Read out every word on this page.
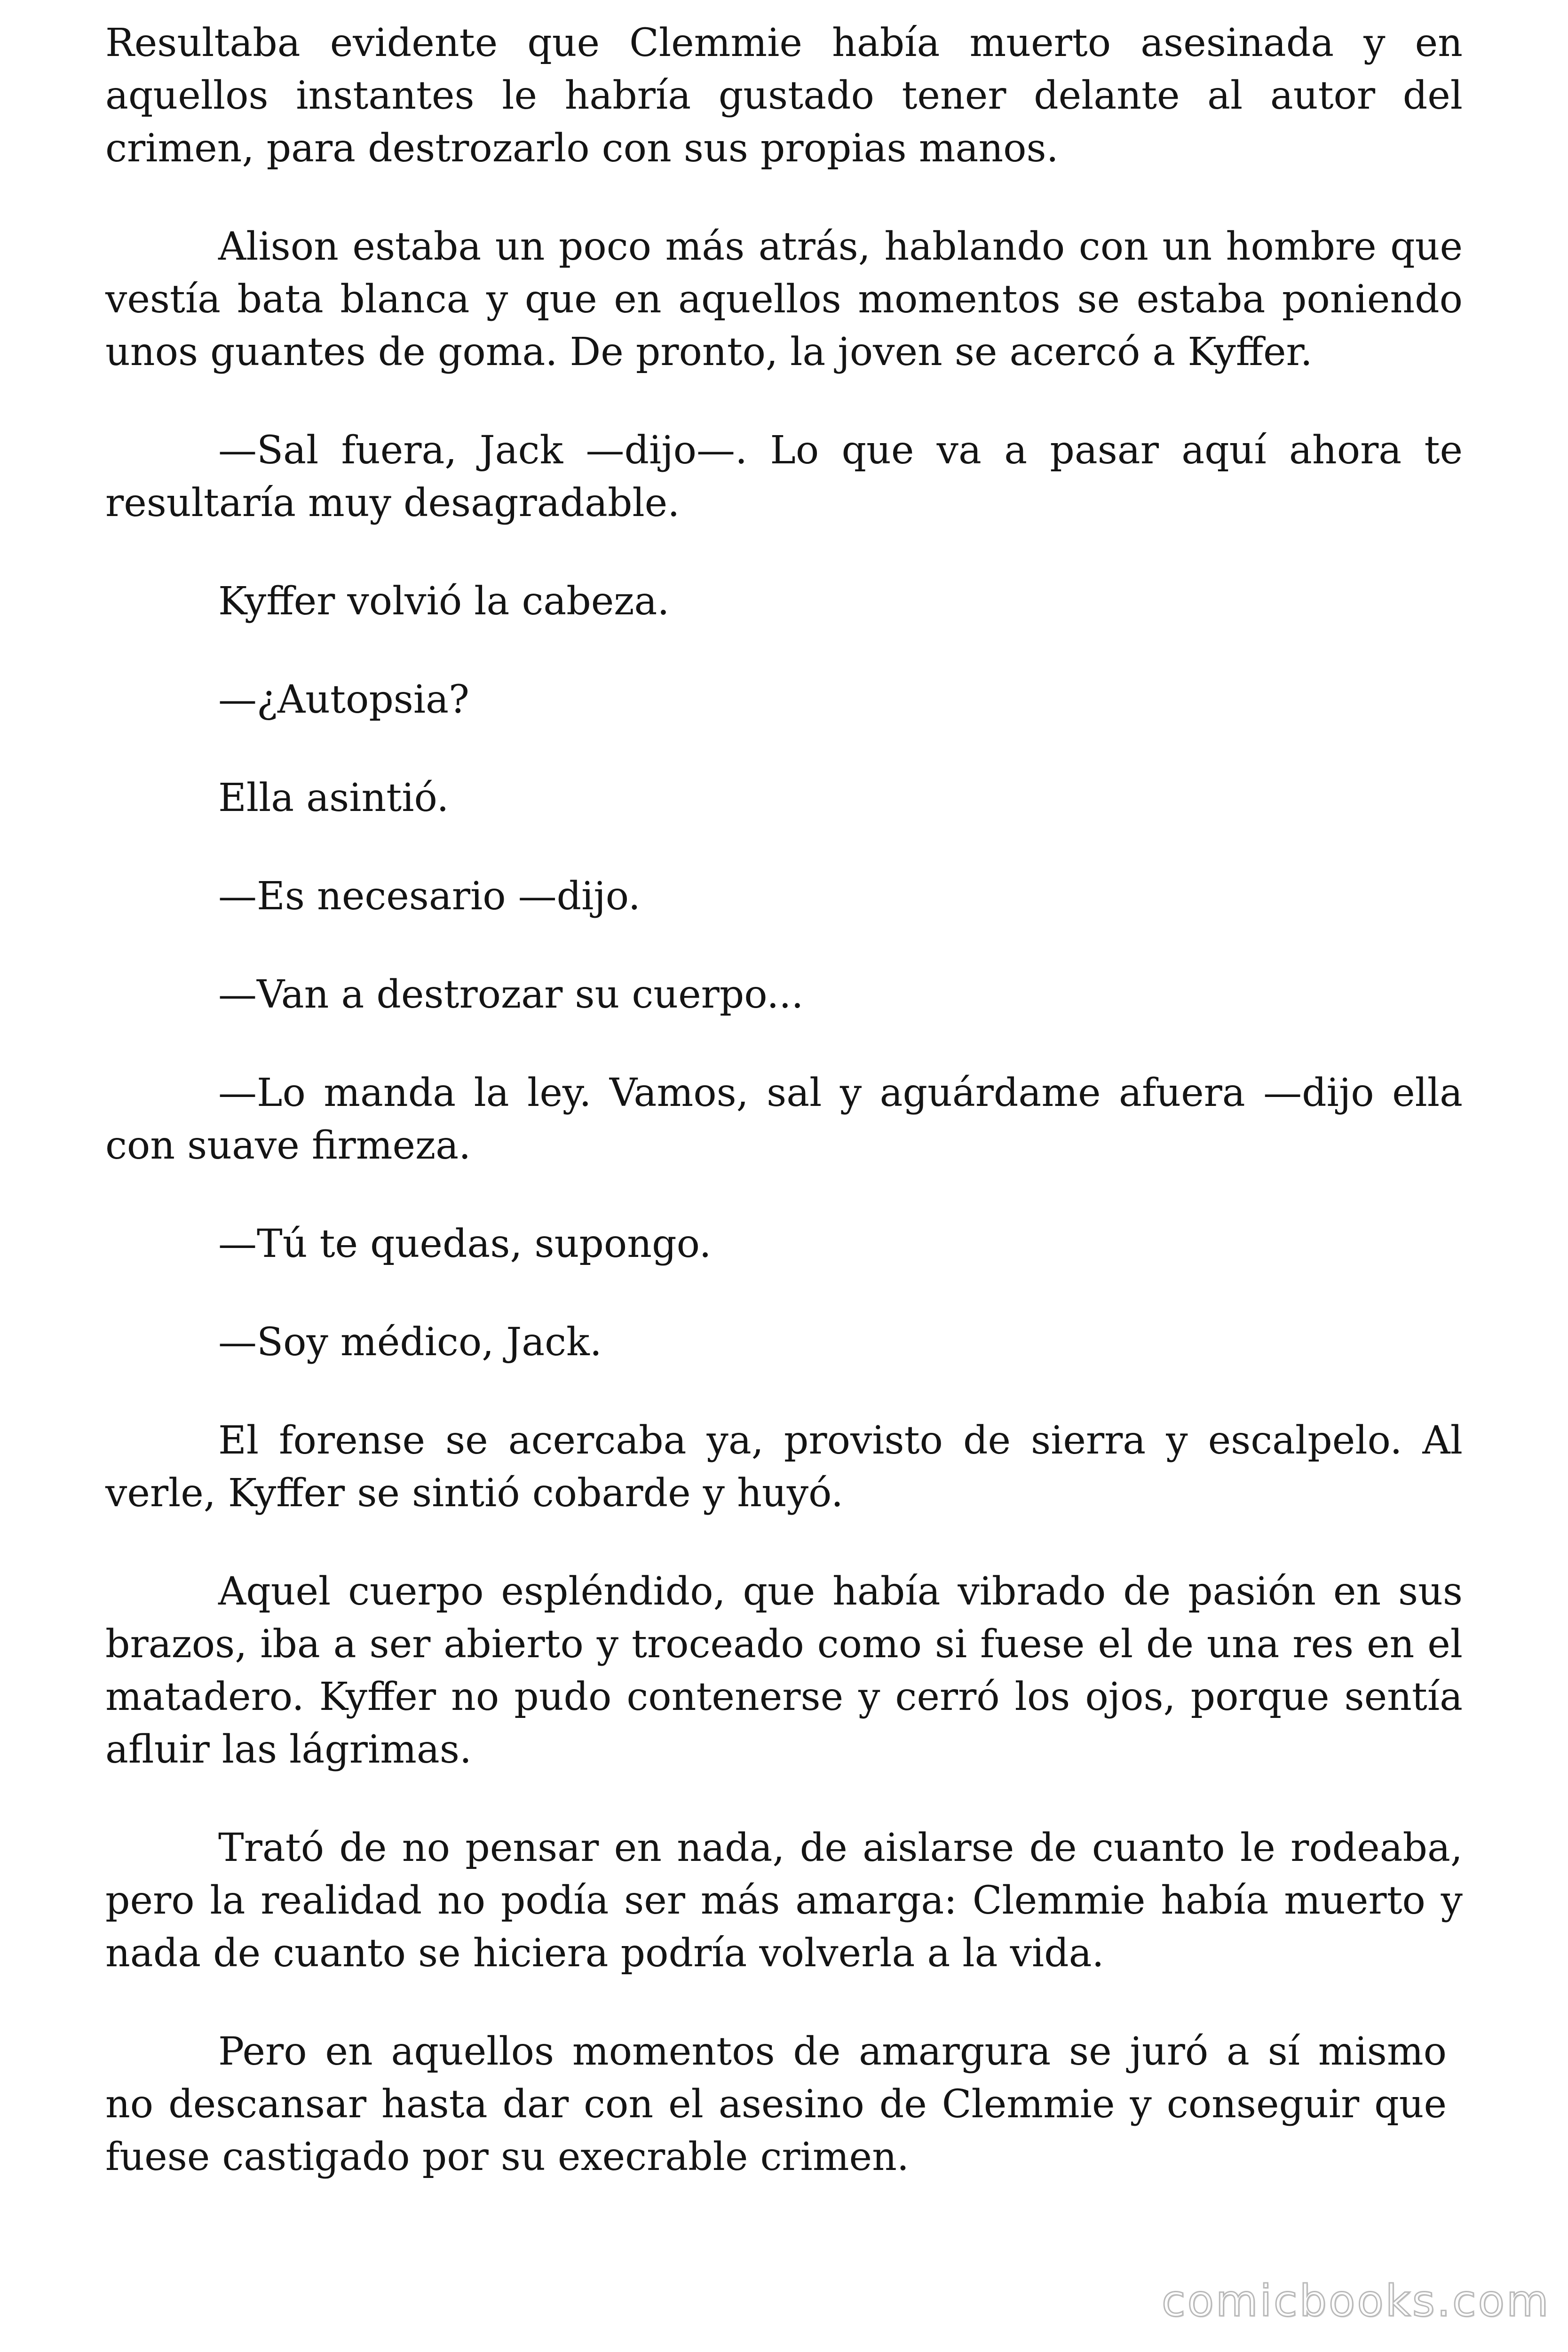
Resultaba evidente que Clemmie había muerto asesinada y en aquellos instantes le habría gustado tener delante al autor del crimen, para destrozarlo con sus propias manos.

Alison estaba un poco más atrás, hablando con un hombre que vestía bata blanca y que en aquellos momentos se estaba poniendo unos guantes de goma. De pronto, la joven se acercó a Kyffer.

—Sal fuera, Jack —dijo—. Lo que va a pasar aquí ahora te resultaría muy desagradable.

Kyffer volvió la cabeza.

—¿Autopsia?

Ella asintió.

—Es necesario —dijo.

—Van a destrozar su cuerpo...

—Lo manda la ley. Vamos, sal y aguárdame afuera —dijo ella con suave firmeza.

—Tú te quedas, supongo.

—Soy médico, Jack.

El forense se acercaba ya, provisto de sierra y escalpelo. Al verle, Kyffer se sintió cobarde y huyó.

Aquel cuerpo espléndido, que había vibrado de pasión en sus brazos, iba a ser abierto y troceado como si fuese el de una res en el matadero. Kyffer no pudo contenerse y cerró los ojos, porque sentía afluir las lágrimas.

Trató de no pensar en nada, de aislarse de cuanto le rodeaba, pero la realidad no podía ser más amarga: Clemmie había muerto y nada de cuanto se hiciera podría volverla a la vida.

Pero en aquellos momentos de amargura se juró a sí mismo no descansar hasta dar con el asesino de Clemmie y conseguir que fuese castigado por su execrable crimen.

comicbooks.com
